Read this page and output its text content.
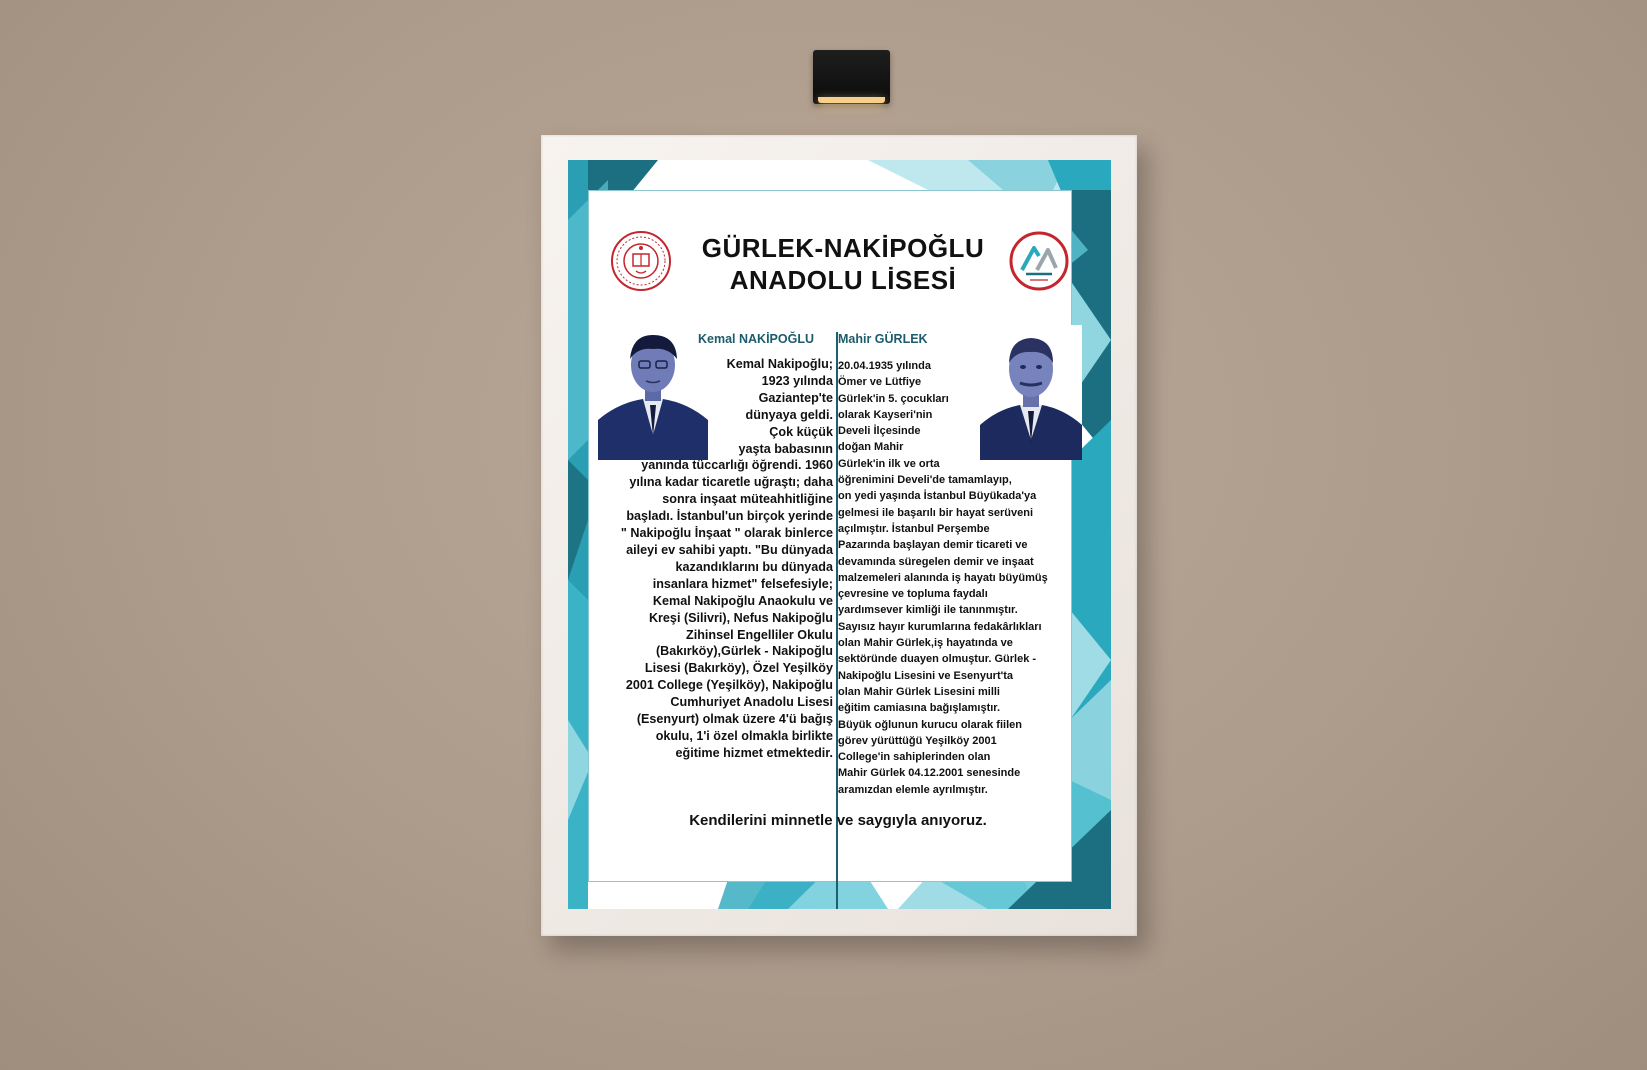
GÜRLEK-NAKİPOĞLU
ANADOLU LİSESİ
Kemal NAKİPOĞLU Mahir GÜRLEK

Kemal Nakipoğlu;
1923 yılında
Gaziantep'te
dünyaya geldi.
Çok küçük
yaşta babasının
yanında tüccarlığı öğrendi. 1960
yılına kadar ticaretle uğraştı; daha
sonra inşaat müteahhitliğine
başladı. İstanbul'un birçok yerinde
" Nakipoğlu İnşaat " olarak binlerce
aileyi ev sahibi yaptı. "Bu dünyada
kazandıklarını bu dünyada
insanlara hizmet" felsefesiyle;
Kemal Nakipoğlu Anaokulu ve
Kreşi (Silivri), Nefus Nakipoğlu
Zihinsel Engelliler Okulu
(Bakırköy),Gürlek - Nakipoğlu
Lisesi (Bakırköy), Özel Yeşilköy
2001 College (Yeşilköy), Nakipoğlu
Cumhuriyet Anadolu Lisesi
(Esenyurt) olmak üzere 4'ü bağış
okulu, 1'i özel olmakla birlikte
eğitime hizmet etmektedir.

20.04.1935 yılında
Ömer ve Lütfiye
Gürlek'in 5. çocukları
olarak Kayseri'nin
Develi İlçesinde
doğan Mahir
Gürlek'in ilk ve orta
öğrenimini Develi'de tamamlayıp,
on yedi yaşında İstanbul Büyükada'ya
gelmesi ile başarılı bir hayat serüveni
açılmıştır. İstanbul Perşembe
Pazarında başlayan demir ticareti ve
devamında süregelen demir ve inşaat
malzemeleri alanında iş hayatı büyümüş
çevresine ve topluma faydalı
yardımsever kimliği ile tanınmıştır.
Sayısız hayır kurumlarına fedakârlıkları
olan Mahir Gürlek,iş hayatında ve
sektöründe duayen olmuştur. Gürlek -
Nakipoğlu Lisesini ve Esenyurt'ta
olan Mahir Gürlek Lisesini milli
eğitim camiasına bağışlamıştır.
Büyük oğlunun kurucu olarak fiilen
görev yürüttüğü Yeşilköy 2001
College'in sahiplerinden olan
Mahir Gürlek 04.12.2001 senesinde
aramızdan elemle ayrılmıştır.

Kendilerini minnetle ve saygıyla anıyoruz.
